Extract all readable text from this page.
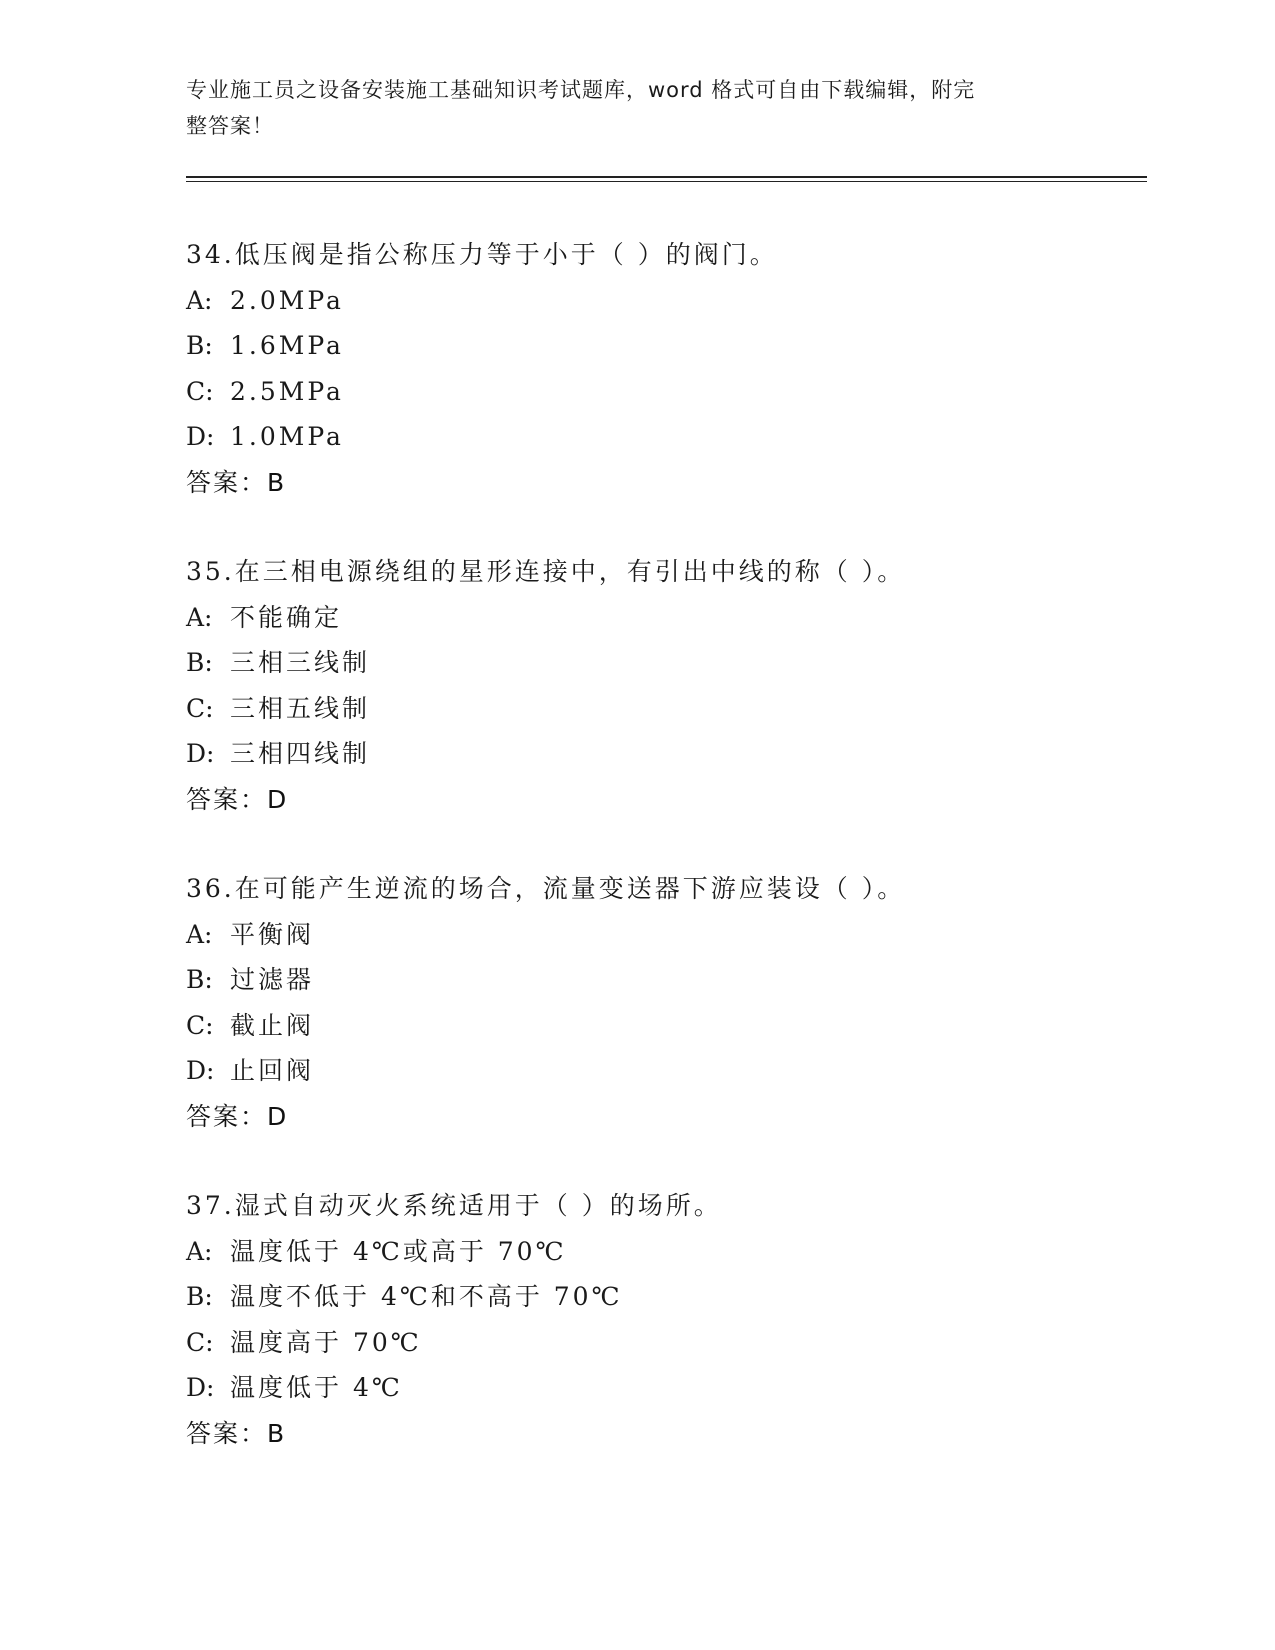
专业施工员之设备安装施工基础知识考试题库，word 格式可自由下载编辑，附完
整答案！
34.低压阀是指公称压力等于小于（ ）的阀门。
A: 2.0MPa
B: 1.6MPa
C: 2.5MPa
D: 1.0MPa
答案：B
35.在三相电源绕组的星形连接中，有引出中线的称（ ）。
A: 不能确定
B: 三相三线制
C: 三相五线制
D: 三相四线制
答案：D
36.在可能产生逆流的场合，流量变送器下游应装设（ ）。
A: 平衡阀
B: 过滤器
C: 截止阀
D: 止回阀
答案：D
37.湿式自动灭火系统适用于（ ）的场所。
A: 温度低于 4℃或高于 70℃
B: 温度不低于 4℃和不高于 70℃
C: 温度高于 70℃
D: 温度低于 4℃
答案：B
